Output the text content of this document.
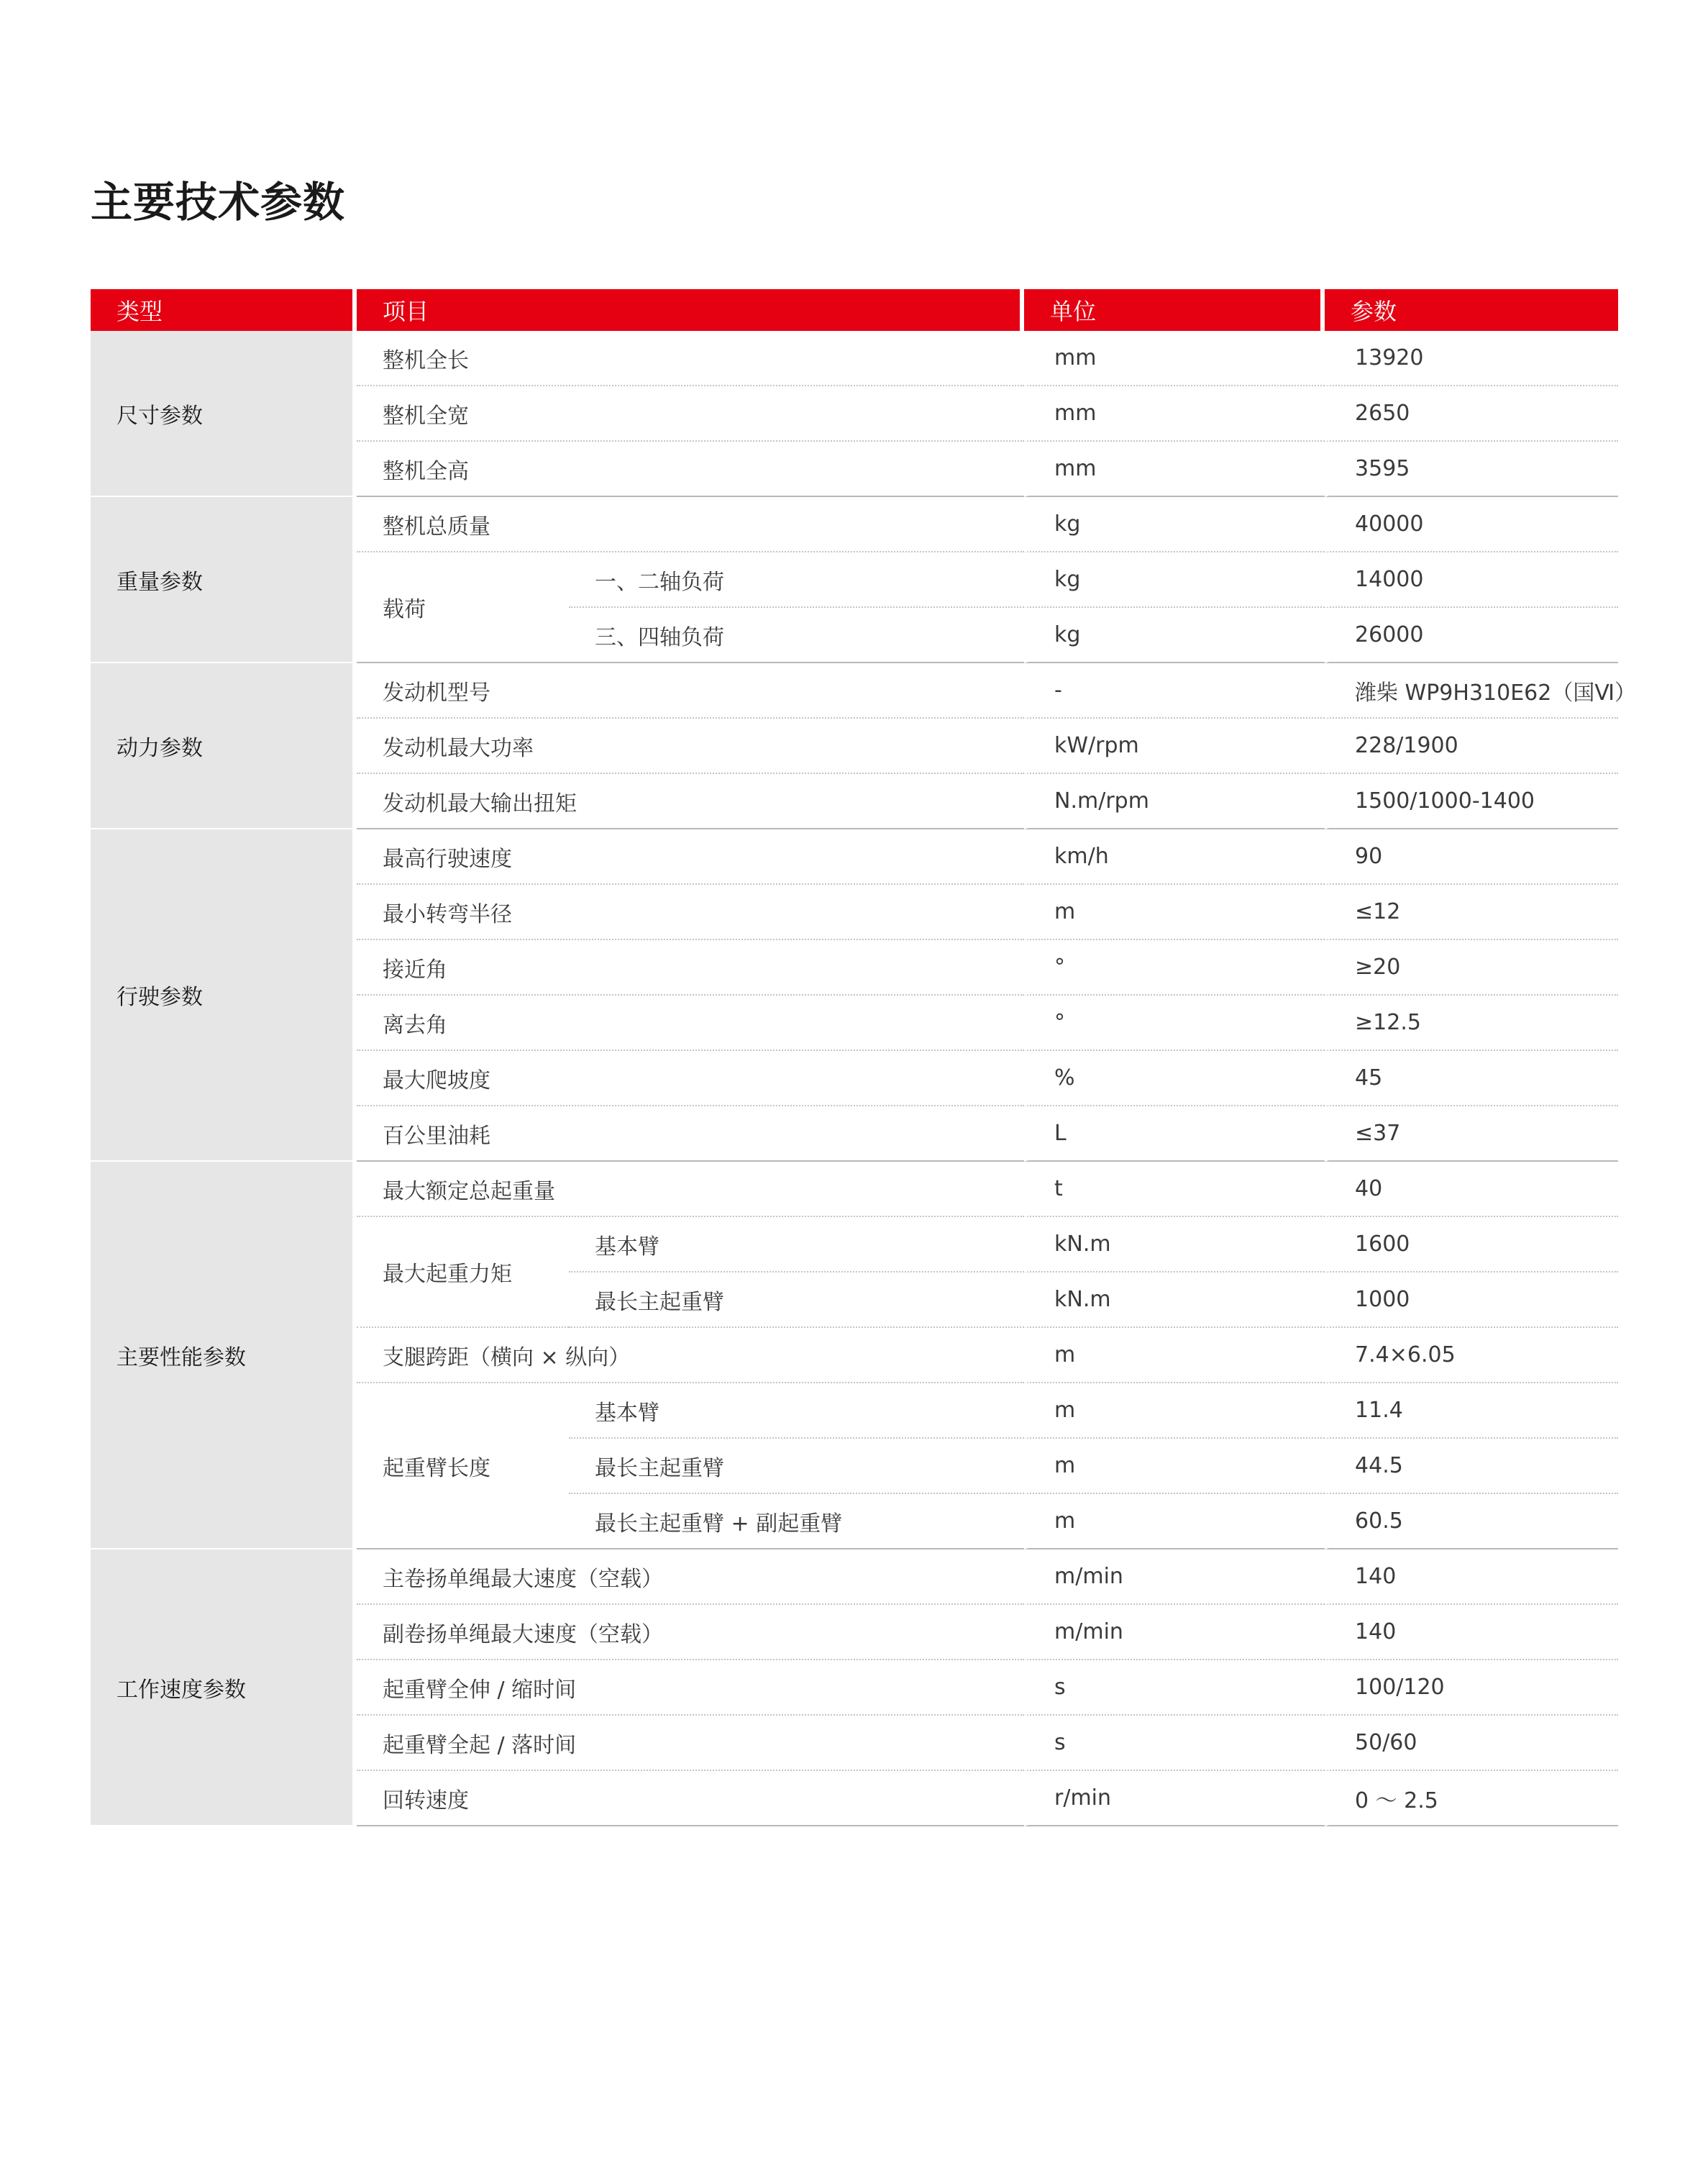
主要技术参数
类型	项目		单位	参数
尺寸参数	整机全长		mm	13920
	整机全宽		mm	2650
	整机全高		mm	3595
重量参数	整机总质量		kg	40000
	载荷	一、二轴负荷	kg	14000
		三、四轴负荷	kg	26000
动力参数	发动机型号		-	潍柴 WP9H310E62（国Ⅵ）
	发动机最大功率		kW/rpm	228/1900
	发动机最大输出扭矩		N.m/rpm	1500/1000-1400
行驶参数	最高行驶速度		km/h	90
	最小转弯半径		m	≤12
	接近角		°	≥20
	离去角		°	≥12.5
	最大爬坡度		%	45
	百公里油耗		L	≤37
主要性能参数	最大额定总起重量		t	40
	最大起重力矩	基本臂	kN.m	1600
		最长主起重臂	kN.m	1000
	支腿跨距（横向 × 纵向）		m	7.4×6.05
	起重臂长度	基本臂	m	11.4
		最长主起重臂	m	44.5
		最长主起重臂 + 副起重臂	m	60.5
工作速度参数	主卷扬单绳最大速度（空载）		m/min	140
	副卷扬单绳最大速度（空载）		m/min	140
	起重臂全伸 / 缩时间		s	100/120
	起重臂全起 / 落时间		s	50/60
	回转速度		r/min	0 ～ 2.5
